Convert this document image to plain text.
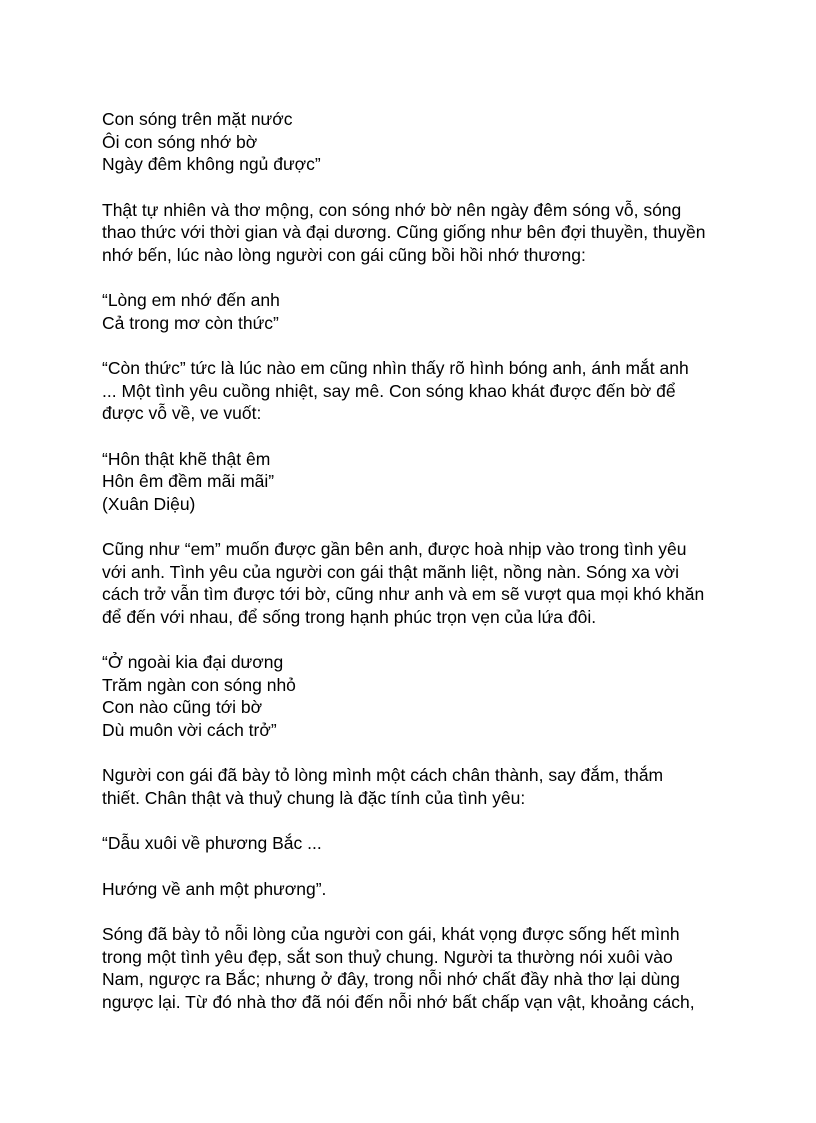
Con sóng trên mặt nước
Ôi con sóng nhớ bờ
Ngày đêm không ngủ được”
Thật tự nhiên và thơ mộng, con sóng nhớ bờ nên ngày đêm sóng vỗ, sóng
thao thức với thời gian và đại dương. Cũng giống như bên đợi thuyền, thuyền
nhớ bến, lúc nào lòng người con gái cũng bồi hồi nhớ thương:
“Lòng em nhớ đến anh
Cả trong mơ còn thức”
“Còn thức” tức là lúc nào em cũng nhìn thấy rõ hình bóng anh, ánh mắt anh
... Một tình yêu cuồng nhiệt, say mê. Con sóng khao khát được đến bờ để
được vỗ về, ve vuốt:
“Hôn thật khẽ thật êm
Hôn êm đềm mãi mãi”
(Xuân Diệu)
Cũng như “em” muốn được gần bên anh, được hoà nhịp vào trong tình yêu
với anh. Tình yêu của người con gái thật mãnh liệt, nồng nàn. Sóng xa vời
cách trở vẫn tìm được tới bờ, cũng như anh và em sẽ vượt qua mọi khó khăn
để đến với nhau, để sống trong hạnh phúc trọn vẹn của lứa đôi.
“Ở ngoài kia đại dương
Trăm ngàn con sóng nhỏ
Con nào cũng tới bờ
Dù muôn vời cách trở”
Người con gái đã bày tỏ lòng mình một cách chân thành, say đắm, thắm
thiết. Chân thật và thuỷ chung là đặc tính của tình yêu:
“Dẫu xuôi về phương Bắc ...
Hướng về anh một phương”.
Sóng đã bày tỏ nỗi lòng của người con gái, khát vọng được sống hết mình
trong một tình yêu đẹp, sắt son thuỷ chung. Người ta thường nói xuôi vào
Nam, ngược ra Bắc; nhưng ở đây, trong nỗi nhớ chất đầy nhà thơ lại dùng
ngược lại. Từ đó nhà thơ đã nói đến nỗi nhớ bất chấp vạn vật, khoảng cách,
